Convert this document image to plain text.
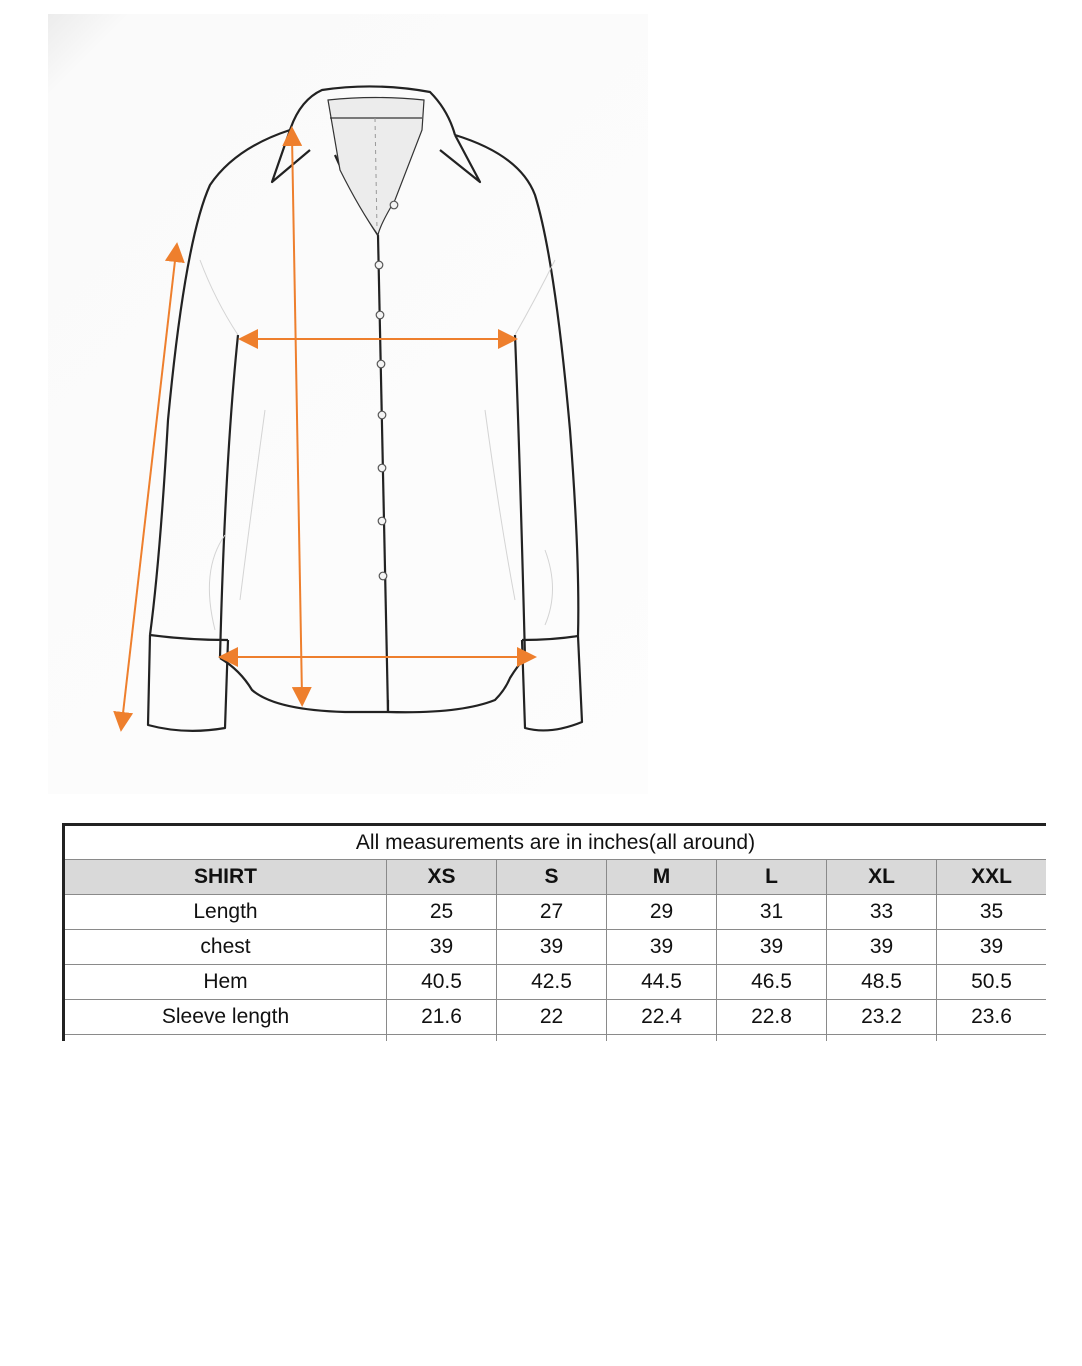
All measurements are in inches(all around)						
SHIRT	XS	S	M	L	XL	XXL
Length	25	27	29	31	33	35
chest	39	39	39	39	39	39
Hem	40.5	42.5	44.5	46.5	48.5	50.5
Sleeve length	21.6	22	22.4	22.8	23.2	23.6
